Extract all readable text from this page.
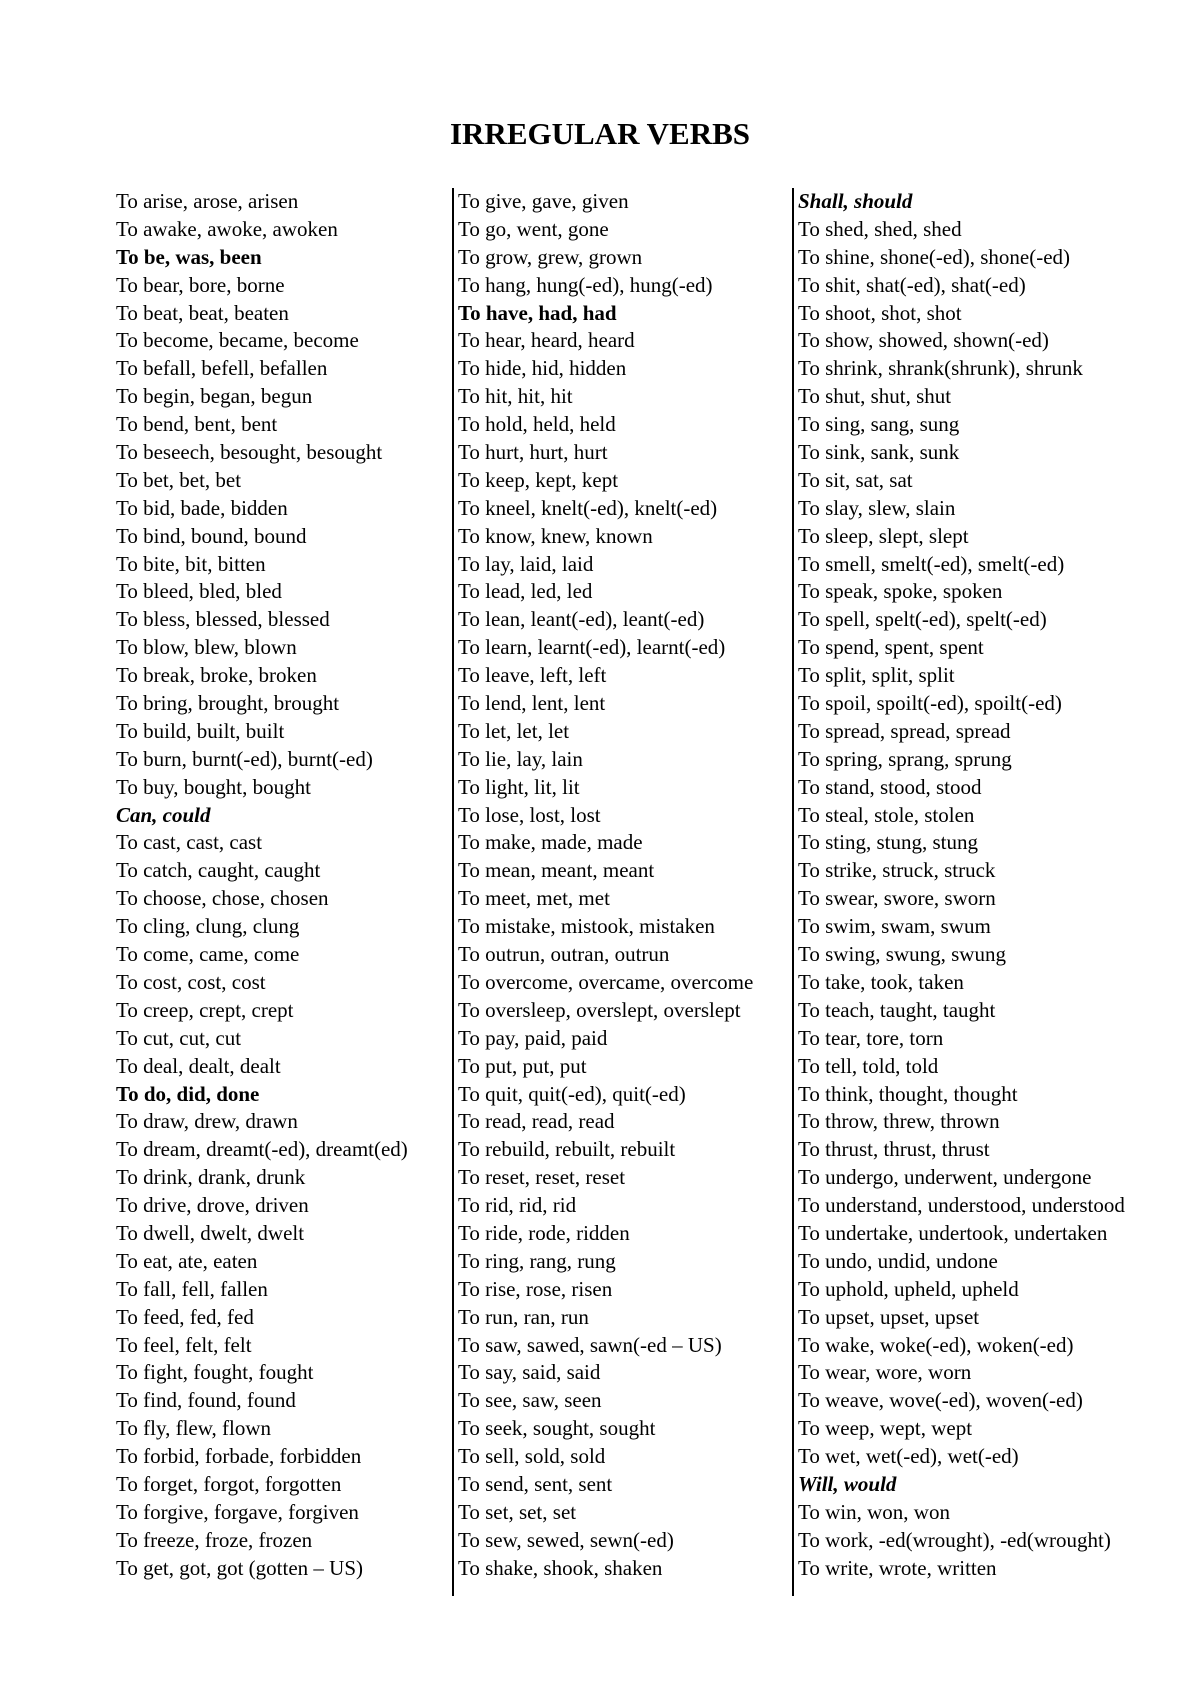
IRREGULAR VERBS
To arise, arose, arisen
To awake, awoke, awoken
To be, was, been
To bear, bore, borne
To beat, beat, beaten
To become, became, become
To befall, befell, befallen
To begin, began, begun
To bend, bent, bent
To beseech, besought, besought
To bet, bet, bet
To bid, bade, bidden
To bind, bound, bound
To bite, bit, bitten
To bleed, bled, bled
To bless, blessed, blessed
To blow, blew, blown
To break, broke, broken
To bring, brought, brought
To build, built, built
To burn, burnt(-ed), burnt(-ed)
To buy, bought, bought
Can, could
To cast, cast, cast
To catch, caught, caught
To choose, chose, chosen
To cling, clung, clung
To come, came, come
To cost, cost, cost
To creep, crept, crept
To cut, cut, cut
To deal, dealt, dealt
To do, did, done
To draw, drew, drawn
To dream, dreamt(-ed), dreamt(ed)
To drink, drank, drunk
To drive, drove, driven
To dwell, dwelt, dwelt
To eat, ate, eaten
To fall, fell, fallen
To feed, fed, fed
To feel, felt, felt
To fight, fought, fought
To find, found, found
To fly, flew, flown
To forbid, forbade, forbidden
To forget, forgot, forgotten
To forgive, forgave, forgiven
To freeze, froze, frozen
To get, got, got (gotten – US)
To give, gave, given
To go, went, gone
To grow, grew, grown
To hang, hung(-ed), hung(-ed)
To have, had, had
To hear, heard, heard
To hide, hid, hidden
To hit, hit, hit
To hold, held, held
To hurt, hurt, hurt
To keep, kept, kept
To kneel, knelt(-ed), knelt(-ed)
To know, knew, known
To lay, laid, laid
To lead, led, led
To lean, leant(-ed), leant(-ed)
To learn, learnt(-ed), learnt(-ed)
To leave, left, left
To lend, lent, lent
To let, let, let
To lie, lay, lain
To light, lit, lit
To lose, lost, lost
To make, made, made
To mean, meant, meant
To meet, met, met
To mistake, mistook, mistaken
To outrun, outran, outrun
To overcome, overcame, overcome
To oversleep, overslept, overslept
To pay, paid, paid
To put, put, put
To quit, quit(-ed), quit(-ed)
To read, read, read
To rebuild, rebuilt, rebuilt
To reset, reset, reset
To rid, rid, rid
To ride, rode, ridden
To ring, rang, rung
To rise, rose, risen
To run, ran, run
To saw, sawed, sawn(-ed – US)
To say, said, said
To see, saw, seen
To seek, sought, sought
To sell, sold, sold
To send, sent, sent
To set, set, set
To sew, sewed, sewn(-ed)
To shake, shook, shaken
Shall, should
To shed, shed, shed
To shine, shone(-ed), shone(-ed)
To shit, shat(-ed), shat(-ed)
To shoot, shot, shot
To show, showed, shown(-ed)
To shrink, shrank(shrunk), shrunk
To shut, shut, shut
To sing, sang, sung
To sink, sank, sunk
To sit, sat, sat
To slay, slew, slain
To sleep, slept, slept
To smell, smelt(-ed), smelt(-ed)
To speak, spoke, spoken
To spell, spelt(-ed), spelt(-ed)
To spend, spent, spent
To split, split, split
To spoil, spoilt(-ed), spoilt(-ed)
To spread, spread, spread
To spring, sprang, sprung
To stand, stood, stood
To steal, stole, stolen
To sting, stung, stung
To strike, struck, struck
To swear, swore, sworn
To swim, swam, swum
To swing, swung, swung
To take, took, taken
To teach, taught, taught
To tear, tore, torn
To tell, told, told
To think, thought, thought
To throw, threw, thrown
To thrust, thrust, thrust
To undergo, underwent, undergone
To understand, understood, understood
To undertake, undertook, undertaken
To undo, undid, undone
To uphold, upheld, upheld
To upset, upset, upset
To wake, woke(-ed), woken(-ed)
To wear, wore, worn
To weave, wove(-ed), woven(-ed)
To weep, wept, wept
To wet, wet(-ed), wet(-ed)
Will, would
To win, won, won
To work, -ed(wrought), -ed(wrought)
To write, wrote, written
